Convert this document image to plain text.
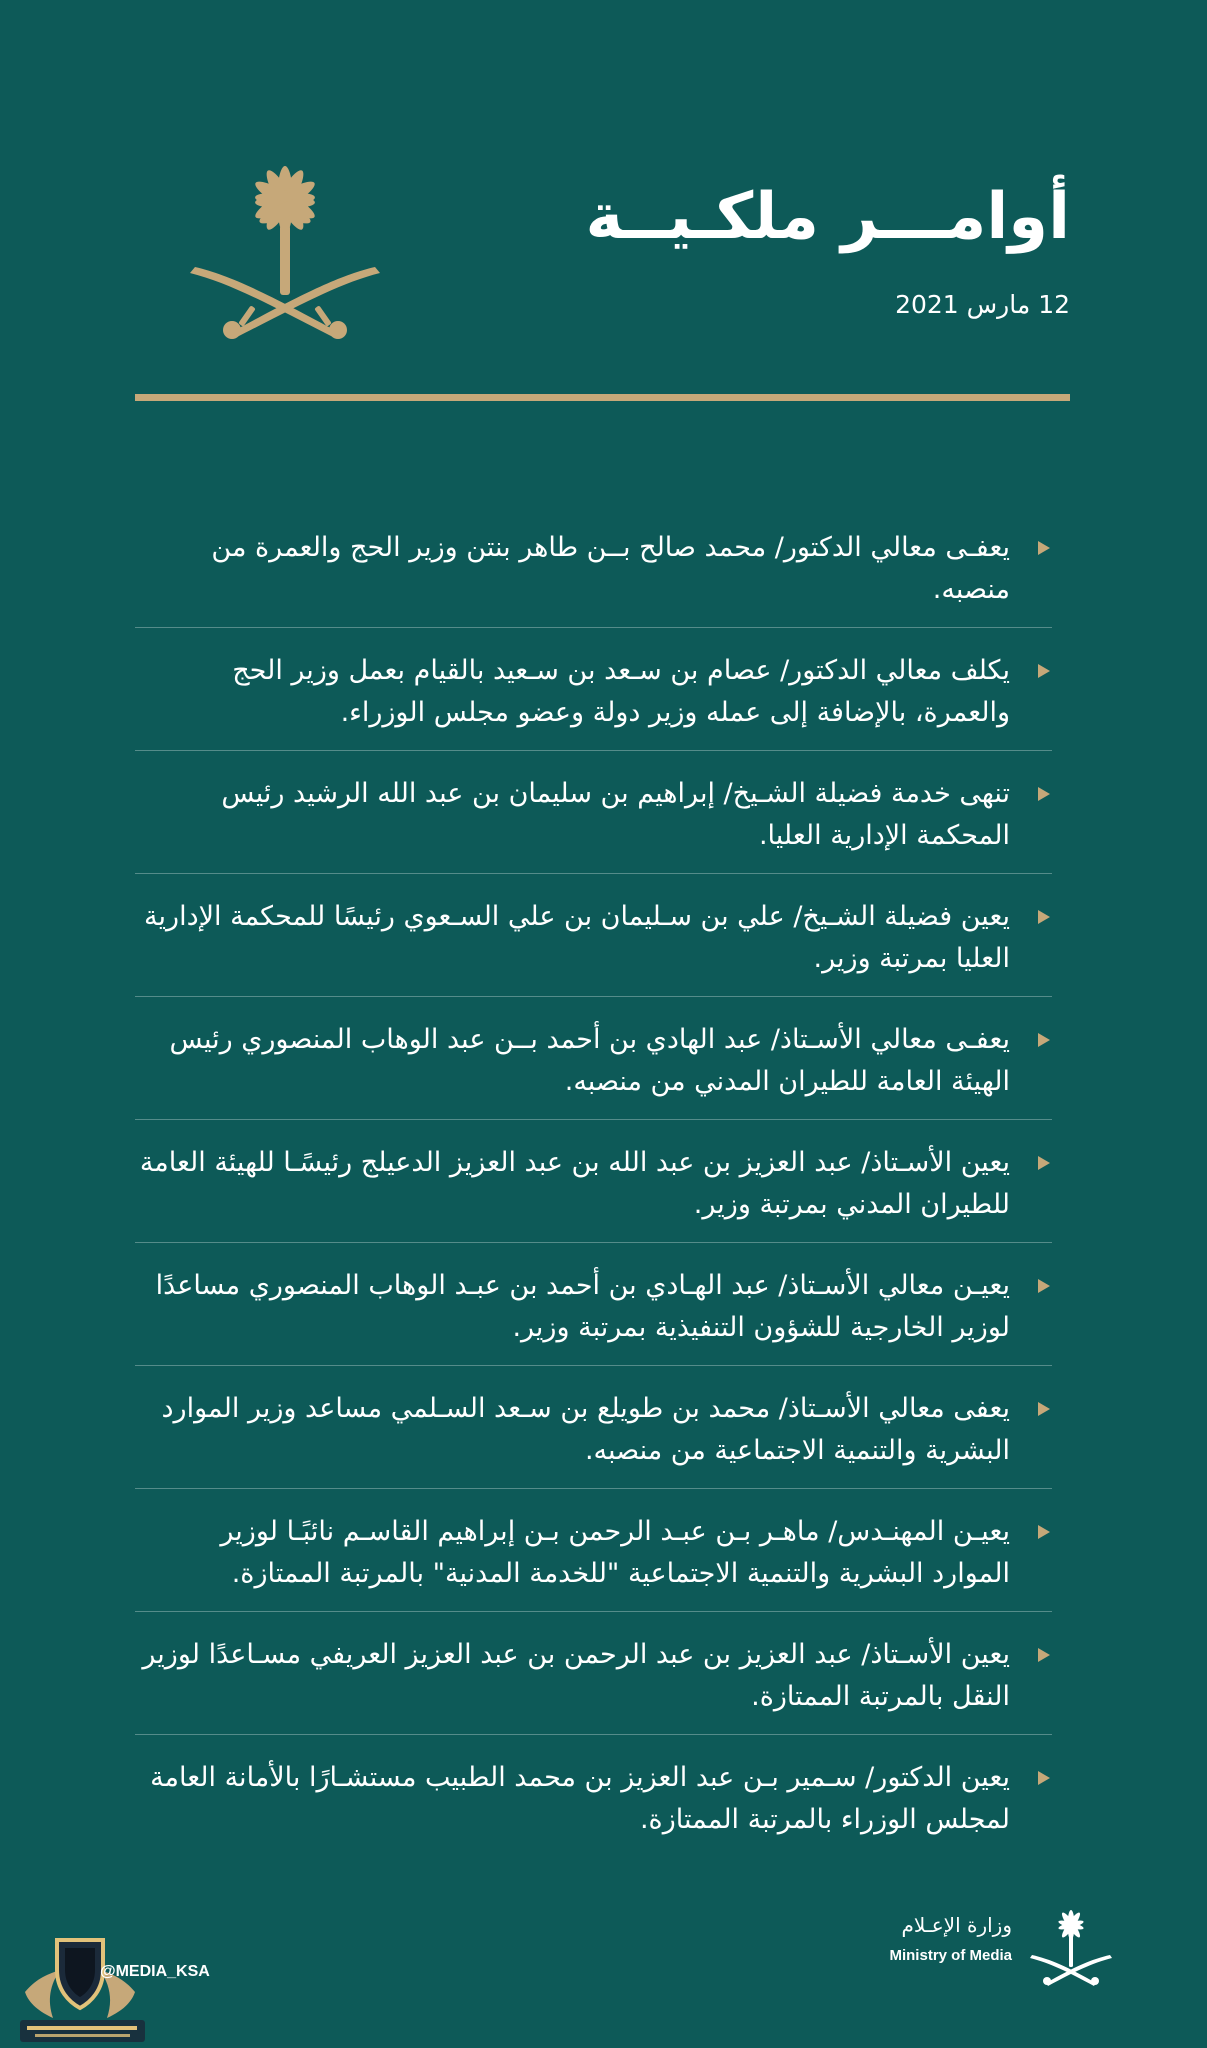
أوامـــر ملكـيــة
12 مارس 2021
يعفـى معالي الدكتور/ محمد صالح بــن طاهر بنتن وزير الحج والعمرة من منصبه.
يكلف معالي الدكتور/ عصام بن سـعد بن سـعيد بالقيام بعمل وزير الحج والعمرة، بالإضافة إلى عمله وزير دولة وعضو مجلس الوزراء.
تنهى خدمة فضيلة الشـيخ/ إبراهيم بن سليمان بن عبد الله الرشيد رئيس المحكمة الإدارية العليا.
يعين فضيلة الشـيخ/ علي بن سـليمان بن علي السـعوي رئيسًا للمحكمة الإدارية العليا بمرتبة وزير.
يعفـى معالي الأسـتاذ/ عبد الهادي بن أحمد بــن عبد الوهاب المنصوري رئيس الهيئة العامة للطيران المدني من منصبه.
يعين الأسـتاذ/ عبد العزيز بن عبد الله بن عبد العزيز الدعيلج رئيسًـا للهيئة العامة للطيران المدني بمرتبة وزير.
يعيـن معالي الأسـتاذ/ عبد الهـادي بن أحمد بن عبـد الوهاب المنصوري مساعدًا لوزير الخارجية للشؤون التنفيذية بمرتبة وزير.
يعفى معالي الأسـتاذ/ محمد بن طويلع بن سـعد السـلمي مساعد وزير الموارد البشرية والتنمية الاجتماعية من منصبه.
يعيـن المهنـدس/ ماهـر بـن عبـد الرحمن بـن إبراهيم القاسـم نائبًـا لوزير الموارد البشرية والتنمية الاجتماعية "للخدمة المدنية" بالمرتبة الممتازة.
يعين الأسـتاذ/ عبد العزيز بن عبد الرحمن بن عبد العزيز العريفي مسـاعدًا لوزير النقل بالمرتبة الممتازة.
يعين الدكتور/ سـمير بـن عبد العزيز بن محمد الطبيب مستشـارًا بالأمانة العامة لمجلس الوزراء بالمرتبة الممتازة.
وزارة الإعـلام
Ministry of Media
@MEDIA_KSA
